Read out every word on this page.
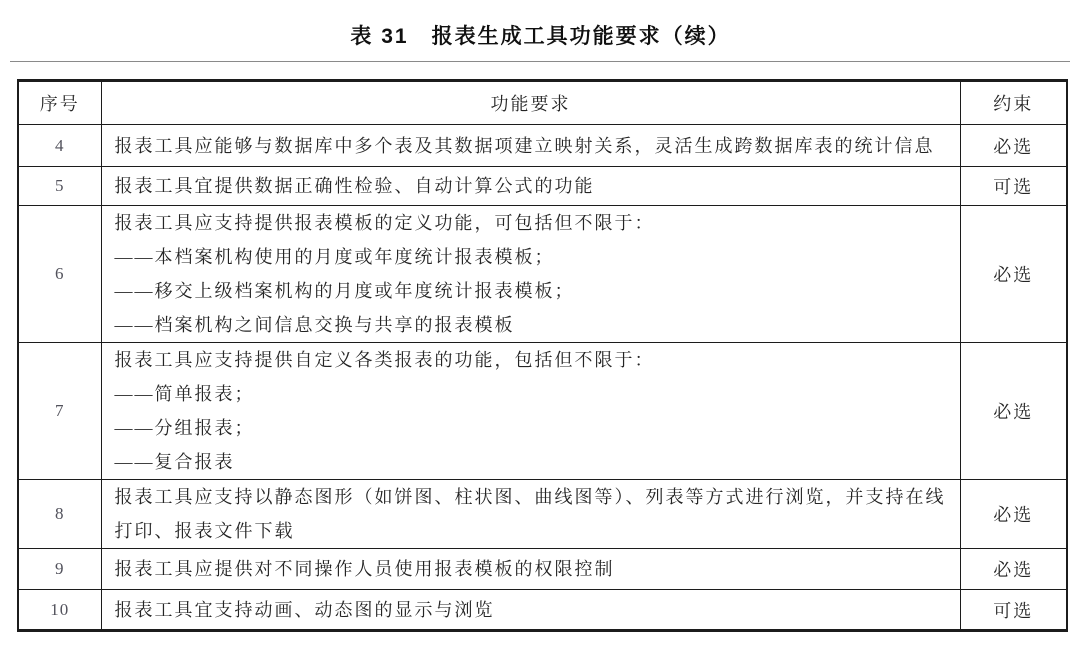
表 31　报表生成工具功能要求（续）
序号	功能要求	约束
4	报表工具应能够与数据库中多个表及其数据项建立映射关系，灵活生成跨数据库表的统计信息	必选
5	报表工具宜提供数据正确性检验、自动计算公式的功能	可选
6	报表工具应支持提供报表模板的定义功能，可包括但不限于：
——本档案机构使用的月度或年度统计报表模板；
——移交上级档案机构的月度或年度统计报表模板；
——档案机构之间信息交换与共享的报表模板	必选
7	报表工具应支持提供自定义各类报表的功能，包括但不限于：
——简单报表；
——分组报表；
——复合报表	必选
8	报表工具应支持以静态图形（如饼图、柱状图、曲线图等）、列表等方式进行浏览，并支持在线打印、报表文件下载	必选
9	报表工具应提供对不同操作人员使用报表模板的权限控制	必选
10	报表工具宜支持动画、动态图的显示与浏览	可选
